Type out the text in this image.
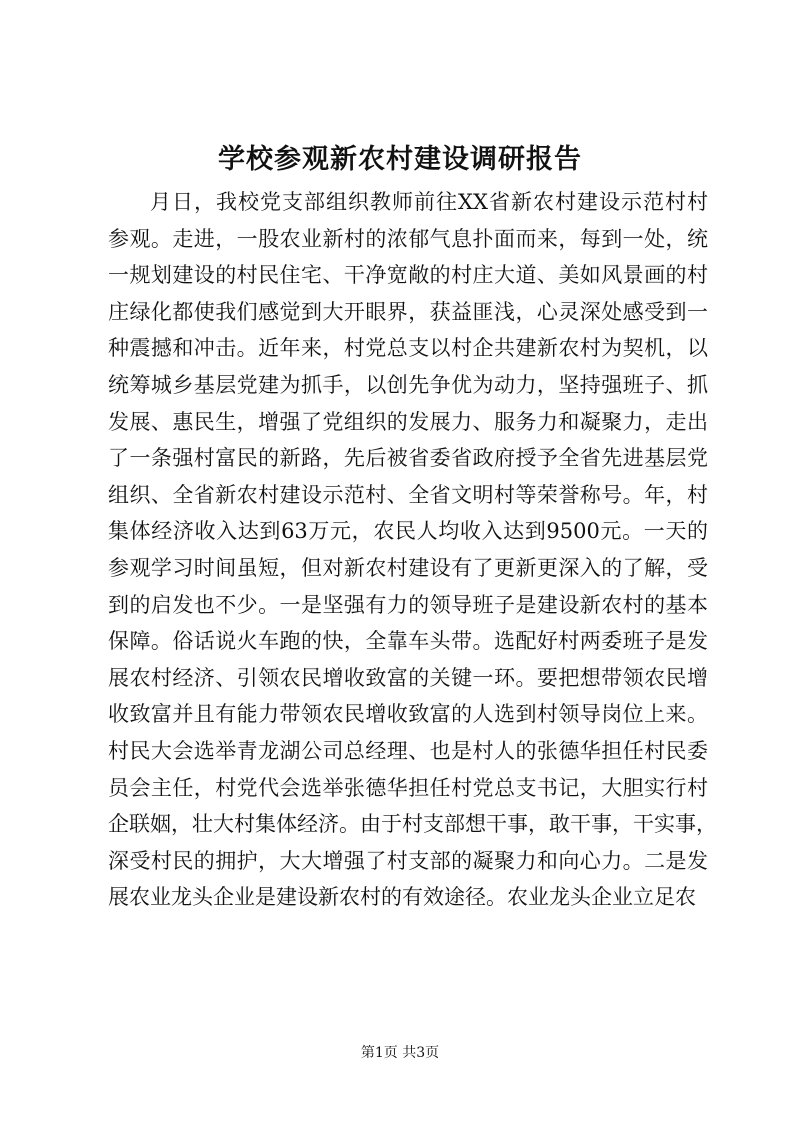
学校参观新农村建设调研报告
月日，我校党支部组织教师前往XX省新农村建设示范村村
参观。走进，一股农业新村的浓郁气息扑面而来，每到一处，统
一规划建设的村民住宅、干净宽敞的村庄大道、美如风景画的村
庄绿化都使我们感觉到大开眼界，获益匪浅，心灵深处感受到一
种震撼和冲击。近年来，村党总支以村企共建新农村为契机，以
统筹城乡基层党建为抓手，以创先争优为动力，坚持强班子、抓
发展、惠民生，增强了党组织的发展力、服务力和凝聚力，走出
了一条强村富民的新路，先后被省委省政府授予全省先进基层党
组织、全省新农村建设示范村、全省文明村等荣誉称号。年，村
集体经济收入达到63万元，农民人均收入达到9500元。一天的
参观学习时间虽短，但对新农村建设有了更新更深入的了解，受
到的启发也不少。一是坚强有力的领导班子是建设新农村的基本
保障。俗话说火车跑的快，全靠车头带。选配好村两委班子是发
展农村经济、引领农民增收致富的关键一环。要把想带领农民增
收致富并且有能力带领农民增收致富的人选到村领导岗位上来。
村民大会选举青龙湖公司总经理、也是村人的张德华担任村民委
员会主任，村党代会选举张德华担任村党总支书记，大胆实行村
企联姻，壮大村集体经济。由于村支部想干事，敢干事，干实事，
深受村民的拥护，大大增强了村支部的凝聚力和向心力。二是发
展农业龙头企业是建设新农村的有效途径。农业龙头企业立足农
第1页 共3页
